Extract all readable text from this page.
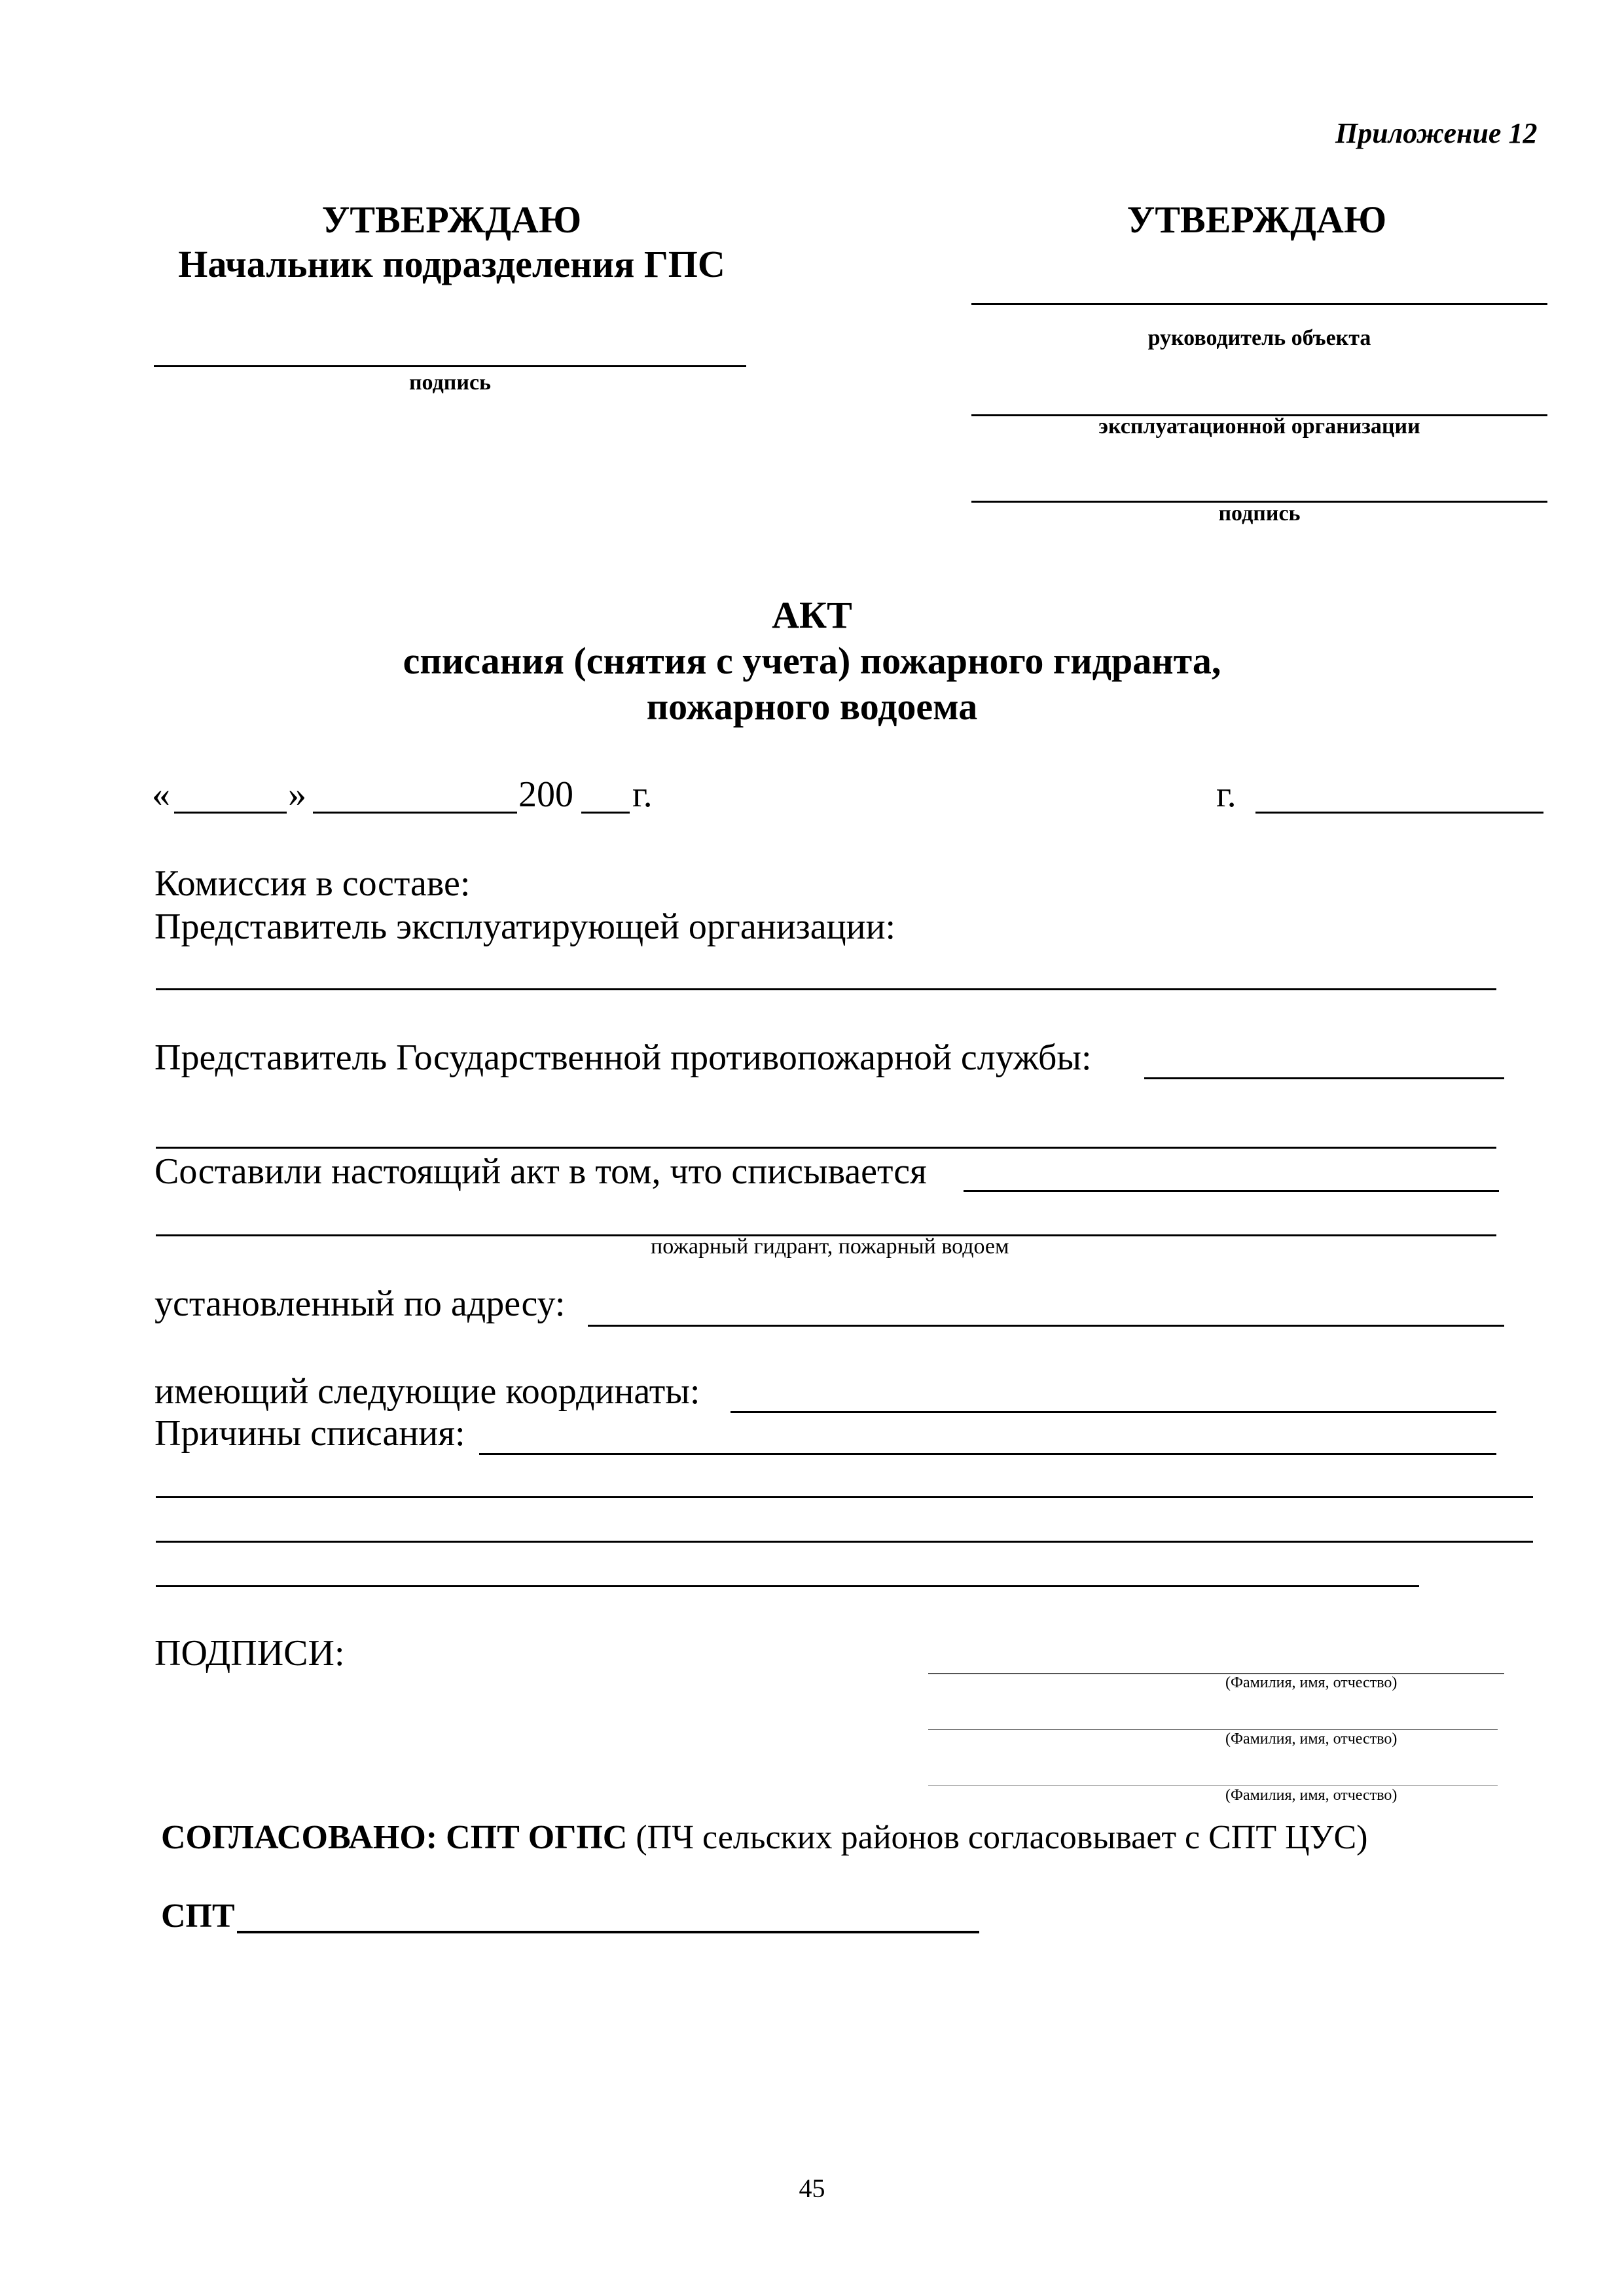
Приложение 12
УТВЕРЖДАЮ
Начальник подразделения ГПС
подпись
УТВЕРЖДАЮ
руководитель объекта
эксплуатационной организации
подпись
АКТ
списания (снятия с учета) пожарного гидранта,
пожарного водоема
«	»	200 г.	г.
Комиссия в составе:
Представитель эксплуатирующей организации:
Представитель Государственной противопожарной службы:
Составили настоящий акт в том, что списывается
пожарный гидрант, пожарный водоем
установленный по адресу:
имеющий следующие координаты:
Причины списания:
ПОДПИСИ:
(Фамилия, имя, отчество)
(Фамилия, имя, отчество)
(Фамилия, имя, отчество)
СОГЛАСОВАНО: СПТ ОГПС (ПЧ сельских районов согласовывает с СПТ ЦУС)
СПТ
45
